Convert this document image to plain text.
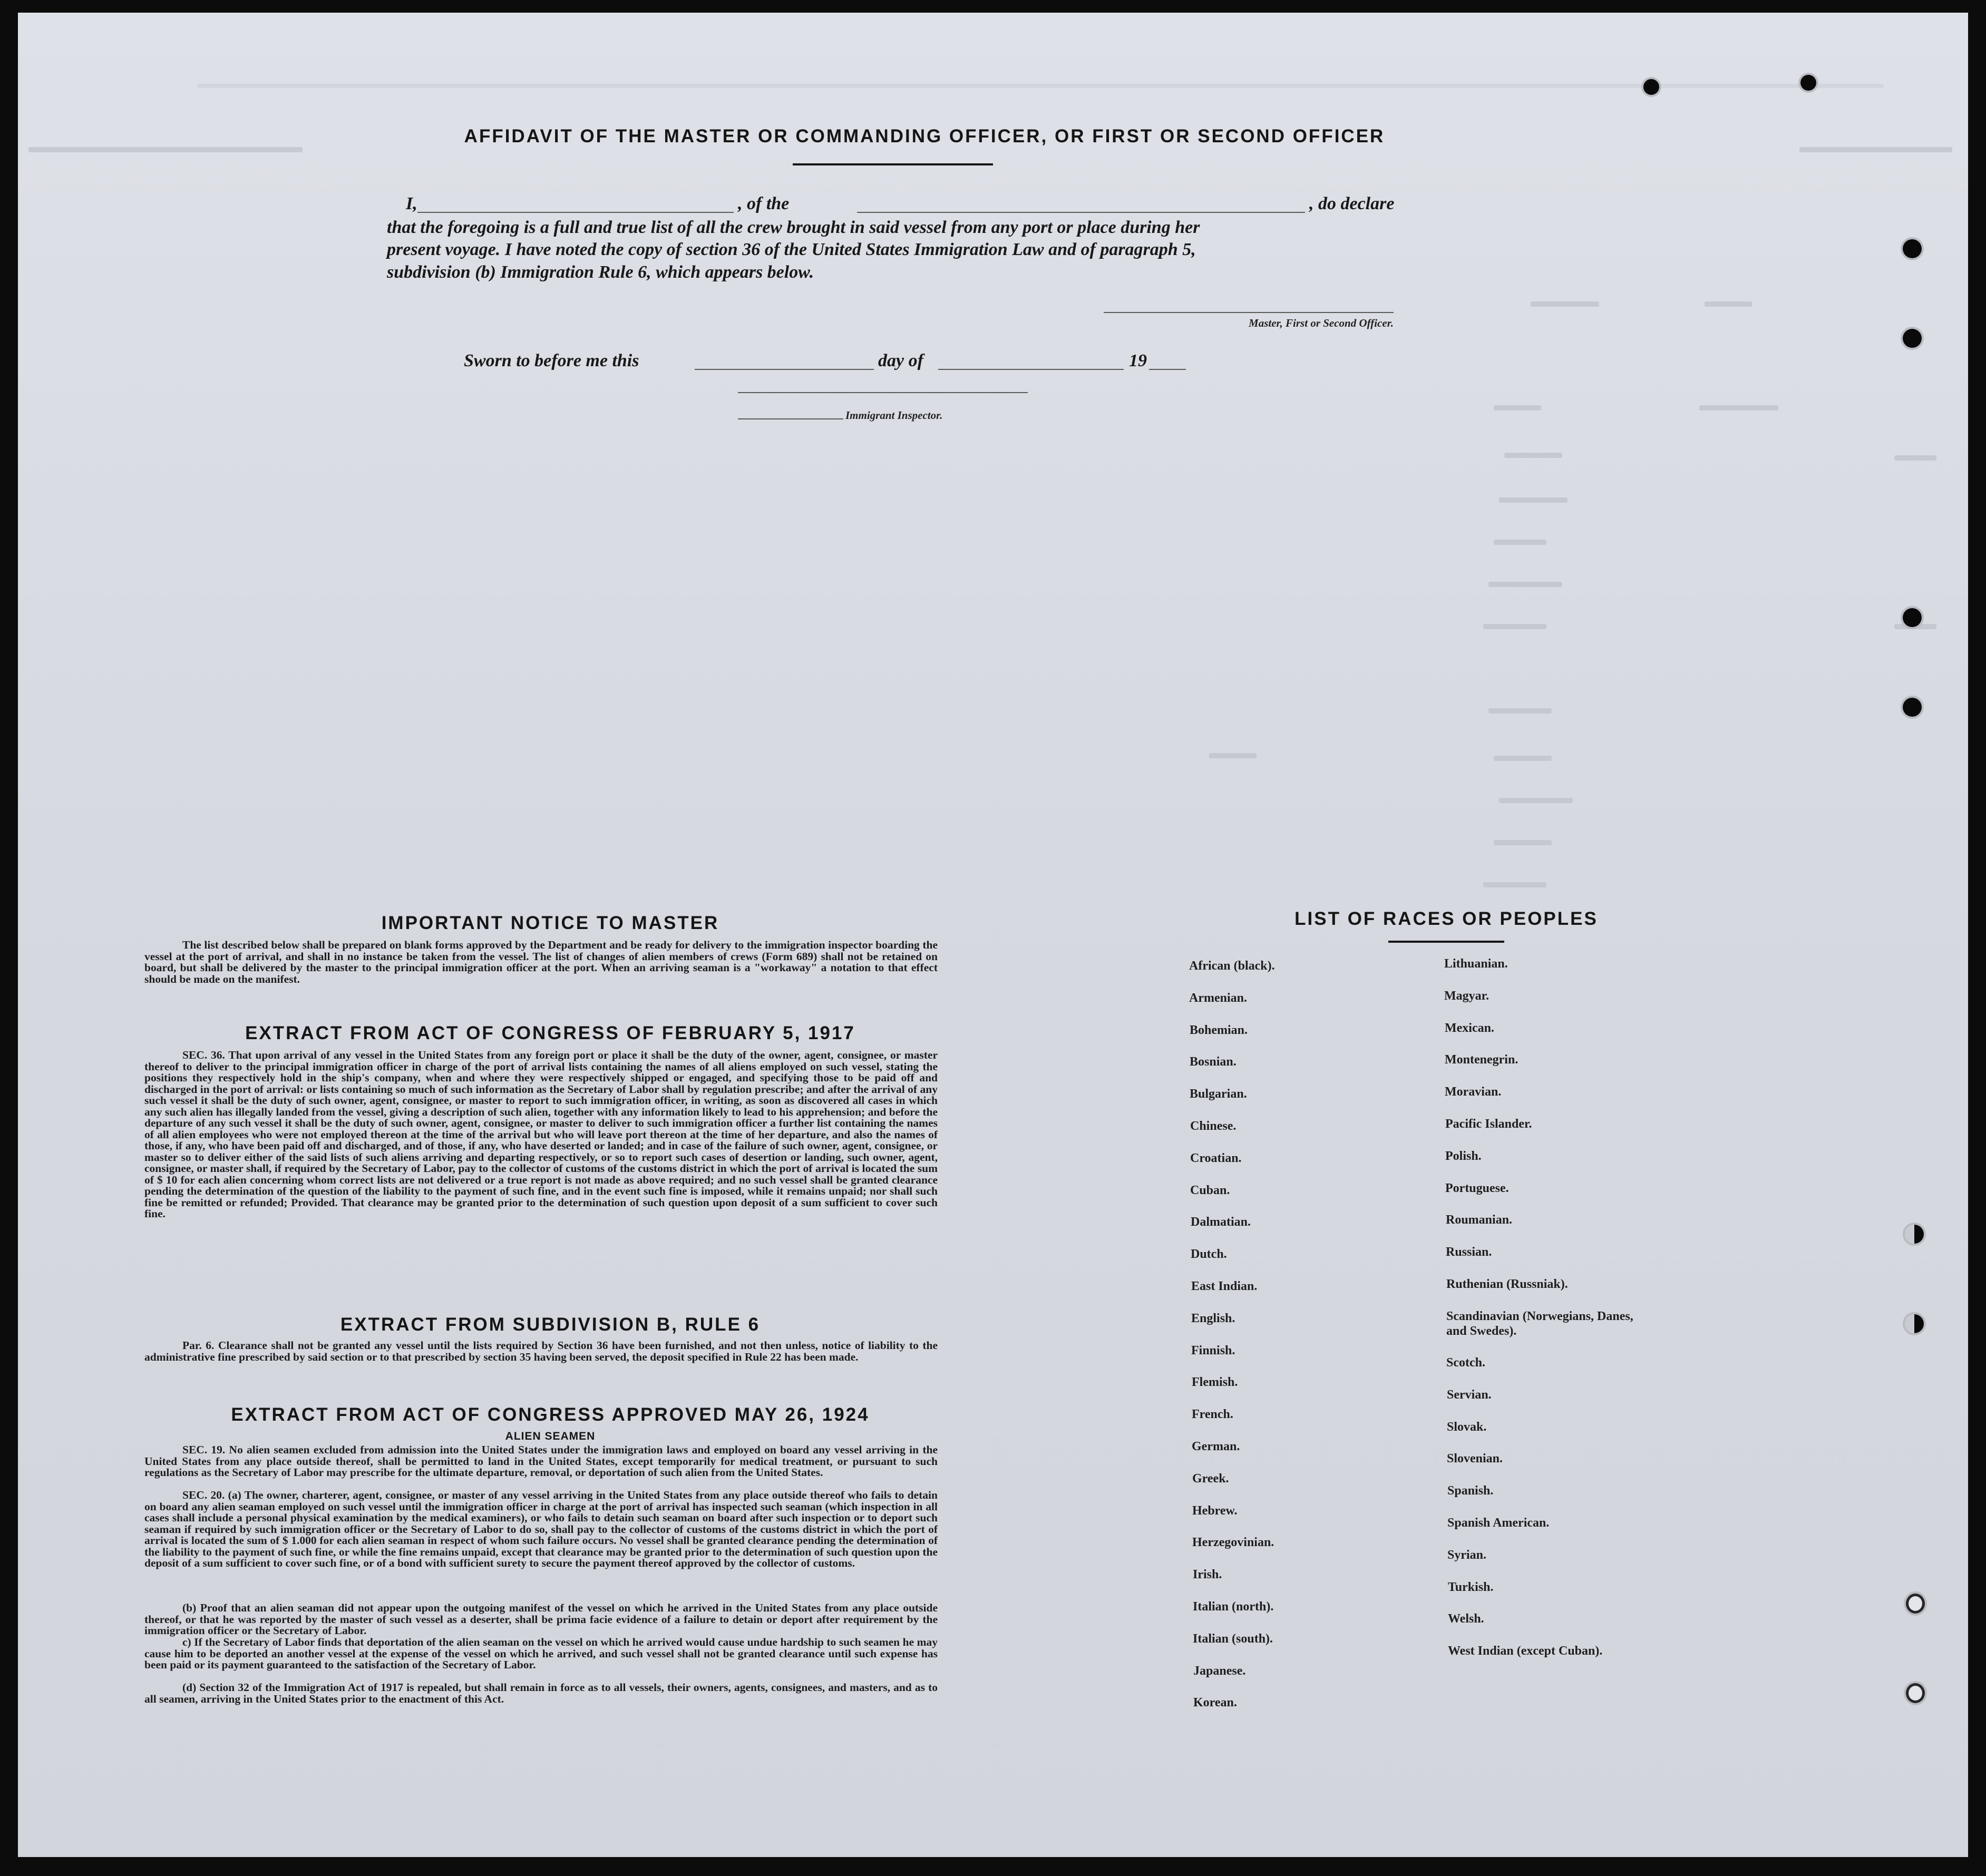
AFFIDAVIT OF THE MASTER OR COMMANDING OFFICER, OR FIRST OR SECOND OFFICER
I,	, of the	, do declare
that the foregoing is a full and true list of all the crew brought in said vessel from any port or place during her
present voyage. I have noted the copy of section 36 of the United States Immigration Law and of paragraph 5,
subdivision (b) Immigration Rule 6, which appears below.
Master, First or Second Officer.
Sworn to before me this	day of	19
Immigrant Inspector.
IMPORTANT NOTICE TO MASTER
The list described below shall be prepared on blank forms approved by the Department and be ready for delivery to the immigration inspector boarding the vessel at the port of arrival, and shall in no instance be taken from the vessel. The list of changes of alien members of crews (Form 689) shall not be retained on board, but shall be delivered by the master to the principal immigration officer at the port. When an arriving seaman is a "workaway" a notation to that effect should be made on the manifest.
EXTRACT FROM ACT OF CONGRESS OF FEBRUARY 5, 1917
SEC. 36. That upon arrival of any vessel in the United States from any foreign port or place it shall be the duty of the owner, agent, consignee, or master thereof to deliver to the principal immigration officer in charge of the port of arrival lists containing the names of all aliens employed on such vessel, stating the positions they respectively hold in the ship's company, when and where they were respectively shipped or engaged, and specifying those to be paid off and discharged in the port of arrival: or lists containing so much of such information as the Secretary of Labor shall by regulation prescribe; and after the arrival of any such vessel it shall be the duty of such owner, agent, consignee, or master to report to such immigration officer, in writing, as soon as discovered all cases in which any such alien has illegally landed from the vessel, giving a description of such alien, together with any information likely to lead to his apprehension; and before the departure of any such vessel it shall be the duty of such owner, agent, consignee, or master to deliver to such immigration officer a further list containing the names of all alien employees who were not employed thereon at the time of the arrival but who will leave port thereon at the time of her departure, and also the names of those, if any, who have been paid off and discharged, and of those, if any, who have deserted or landed; and in case of the failure of such owner, agent, consignee, or master so to deliver either of the said lists of such aliens arriving and departing respectively, or so to report such cases of desertion or landing, such owner, agent, consignee, or master shall, if required by the Secretary of Labor, pay to the collector of customs of the customs district in which the port of arrival is located the sum of $ 10 for each alien concerning whom correct lists are not delivered or a true report is not made as above required; and no such vessel shall be granted clearance pending the determination of the question of the liability to the payment of such fine, and in the event such fine is imposed, while it remains unpaid; nor shall such fine be remitted or refunded; Provided. That clearance may be granted prior to the determination of such question upon deposit of a sum sufficient to cover such fine.
EXTRACT FROM SUBDIVISION B, RULE 6
Par. 6. Clearance shall not be granted any vessel until the lists required by Section 36 have been furnished, and not then unless, notice of liability to the administrative fine prescribed by said section or to that prescribed by section 35 having been served, the deposit specified in Rule 22 has been made.
EXTRACT FROM ACT OF CONGRESS APPROVED MAY 26, 1924
ALIEN SEAMEN
SEC. 19. No alien seamen excluded from admission into the United States under the immigration laws and employed on board any vessel arriving in the United States from any place outside thereof, shall be permitted to land in the United States, except temporarily for medical treatment, or pursuant to such regulations as the Secretary of Labor may prescribe for the ultimate departure, removal, or deportation of such alien from the United States.
SEC. 20. (a) The owner, charterer, agent, consignee, or master of any vessel arriving in the United States from any place outside thereof who fails to detain on board any alien seaman employed on such vessel until the immigration officer in charge at the port of arrival has inspected such seaman (which inspection in all cases shall include a personal physical examination by the medical examiners), or who fails to detain such seaman on board after such inspection or to deport such seaman if required by such immigration officer or the Secretary of Labor to do so, shall pay to the collector of customs of the customs district in which the port of arrival is located the sum of $ 1.000 for each alien seaman in respect of whom such failure occurs. No vessel shall be granted clearance pending the determination of the liability to the payment of such fine, or while the fine remains unpaid, except that clearance may be granted prior to the determination of such question upon the deposit of a sum sufficient to cover such fine, or of a bond with sufficient surety to secure the payment thereof approved by the collector of customs.
(b) Proof that an alien seaman did not appear upon the outgoing manifest of the vessel on which he arrived in the United States from any place outside thereof, or that he was reported by the master of such vessel as a deserter, shall be prima facie evidence of a failure to detain or deport after requirement by the immigration officer or the Secretary of Labor.
c) If the Secretary of Labor finds that deportation of the alien seaman on the vessel on which he arrived would cause undue hardship to such seamen he may cause him to be deported an another vessel at the expense of the vessel on which he arrived, and such vessel shall not be granted clearance until such expense has been paid or its payment guaranteed to the satisfaction of the Secretary of Labor.
(d) Section 32 of the Immigration Act of 1917 is repealed, but shall remain in force as to all vessels, their owners, agents, consignees, and masters, and as to all seamen, arriving in the United States prior to the enactment of this Act.
LIST OF RACES OR PEOPLES
African (black).
Armenian.
Bohemian.
Bosnian.
Bulgarian.
Chinese.
Croatian.
Cuban.
Dalmatian.
Dutch.
East Indian.
English.
Finnish.
Flemish.
French.
German.
Greek.
Hebrew.
Herzegovinian.
Irish.
Italian (north).
Italian (south).
Japanese.
Korean.
Lithuanian.
Magyar.
Mexican.
Montenegrin.
Moravian.
Pacific Islander.
Polish.
Portuguese.
Roumanian.
Russian.
Ruthenian (Russniak).
Scandinavian (Norwegians, Danes, and Swedes).
Scotch.
Servian.
Slovak.
Slovenian.
Spanish.
Spanish American.
Syrian.
Turkish.
Welsh.
West Indian (except Cuban).
